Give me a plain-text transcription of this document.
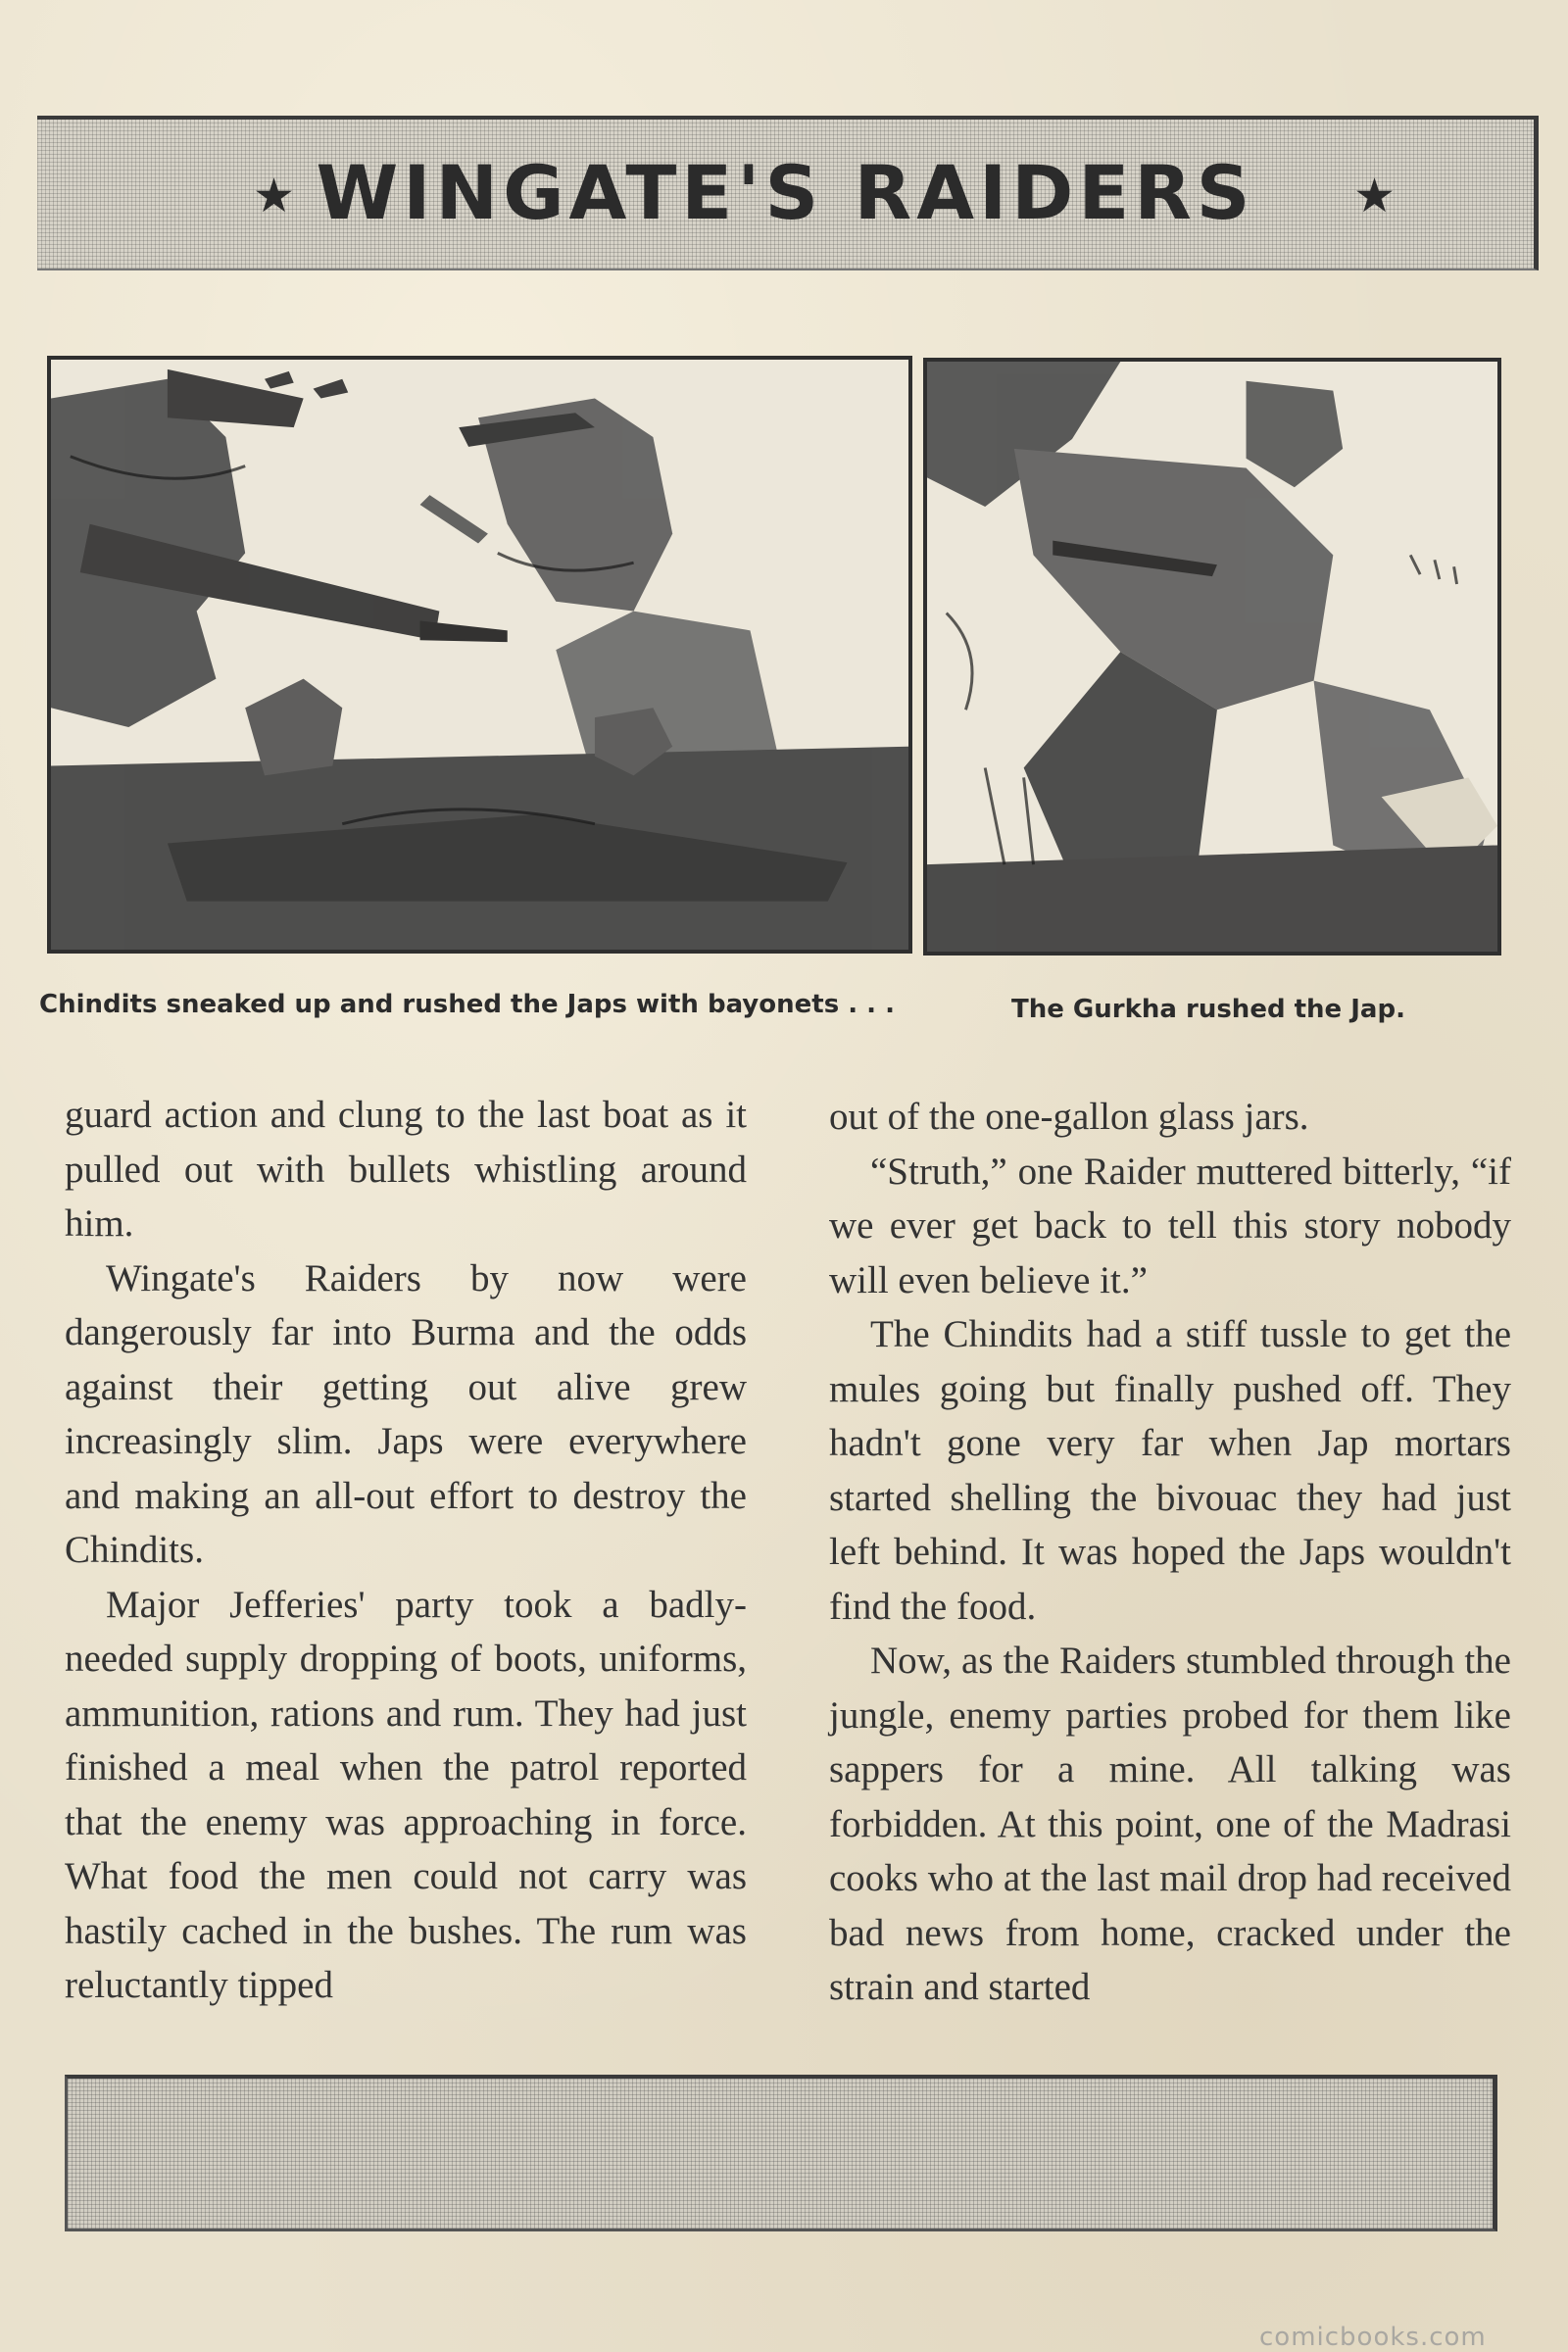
★ WINGATE'S RAIDERS	★
Chindits sneaked up and rushed the Japs with bayonets . . .	The Gurkha rushed the Jap.

guard action and clung to the last boat as it pulled out with bullets whistling around him.

Wingate's Raiders by now were dangerously far into Burma and the odds against their getting out alive grew increasingly slim. Japs were everywhere and making an all-out effort to destroy the Chindits.

Major Jefferies' party took a badly-needed supply dropping of boots, uniforms, ammunition, rations and rum. They had just finished a meal when the patrol reported that the enemy was approaching in force. What food the men could not carry was hastily cached in the bushes. The rum was reluctantly tipped

out of the one-gallon glass jars.

“Struth,” one Raider muttered bitterly, “if we ever get back to tell this story nobody will even believe it.”

The Chindits had a stiff tussle to get the mules going but finally pushed off. They hadn't gone very far when Jap mortars started shelling the bivouac they had just left behind. It was hoped the Japs wouldn't find the food.

Now, as the Raiders stumbled through the jungle, enemy parties probed for them like sappers for a mine. All talking was forbidden. At this point, one of the Madrasi cooks who at the last mail drop had received bad news from home, cracked under the strain and started

comicbooks.com
